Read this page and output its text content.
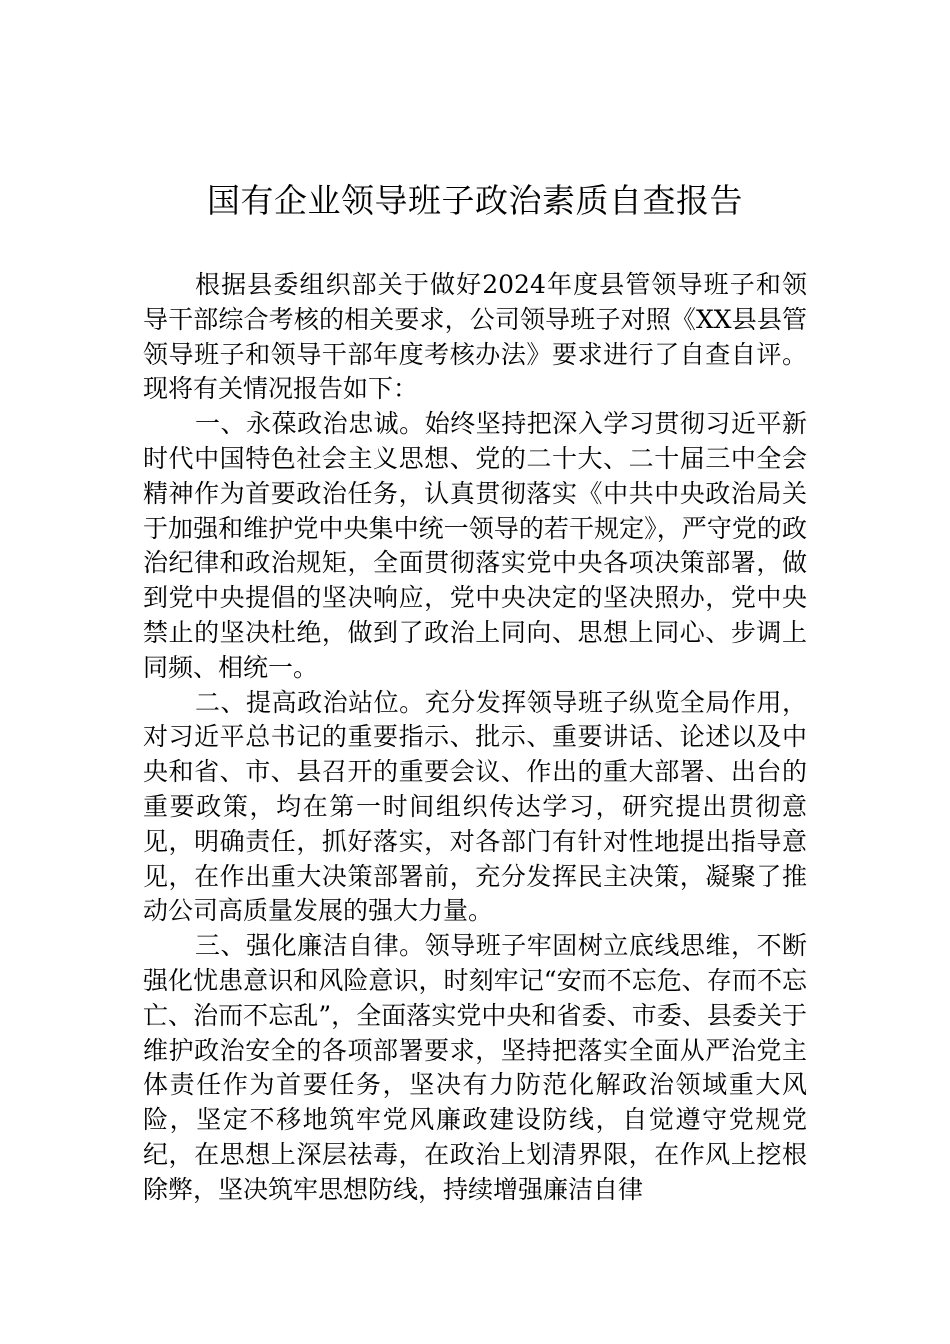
国有企业领导班子政治素质自查报告

根据县委组织部关于做好2024年度县管领导班子和领导干部综合考核的相关要求，公司领导班子对照《XX县县管领导班子和领导干部年度考核办法》要求进行了自查自评。现将有关情况报告如下：

一、永葆政治忠诚。始终坚持把深入学习贯彻习近平新时代中国特色社会主义思想、党的二十大、二十届三中全会精神作为首要政治任务，认真贯彻落实《中共中央政治局关于加强和维护党中央集中统一领导的若干规定》，严守党的政治纪律和政治规矩，全面贯彻落实党中央各项决策部署，做到党中央提倡的坚决响应，党中央决定的坚决照办，党中央禁止的坚决杜绝，做到了政治上同向、思想上同心、步调上同频、相统一。

二、提高政治站位。充分发挥领导班子纵览全局作用，对习近平总书记的重要指示、批示、重要讲话、论述以及中央和省、市、县召开的重要会议、作出的重大部署、出台的重要政策，均在第一时间组织传达学习，研究提出贯彻意见，明确责任，抓好落实，对各部门有针对性地提出指导意见，在作出重大决策部署前，充分发挥民主决策，凝聚了推动公司高质量发展的强大力量。

三、强化廉洁自律。领导班子牢固树立底线思维，不断强化忧患意识和风险意识，时刻牢记“安而不忘危、存而不忘亡、治而不忘乱”，全面落实党中央和省委、市委、县委关于维护政治安全的各项部署要求，坚持把落实全面从严治党主体责任作为首要任务，坚决有力防范化解政治领域重大风险，坚定不移地筑牢党风廉政建设防线，自觉遵守党规党纪，在思想上深层祛毒，在政治上划清界限，在作风上挖根除弊，坚决筑牢思想防线，持续增强廉洁自律
